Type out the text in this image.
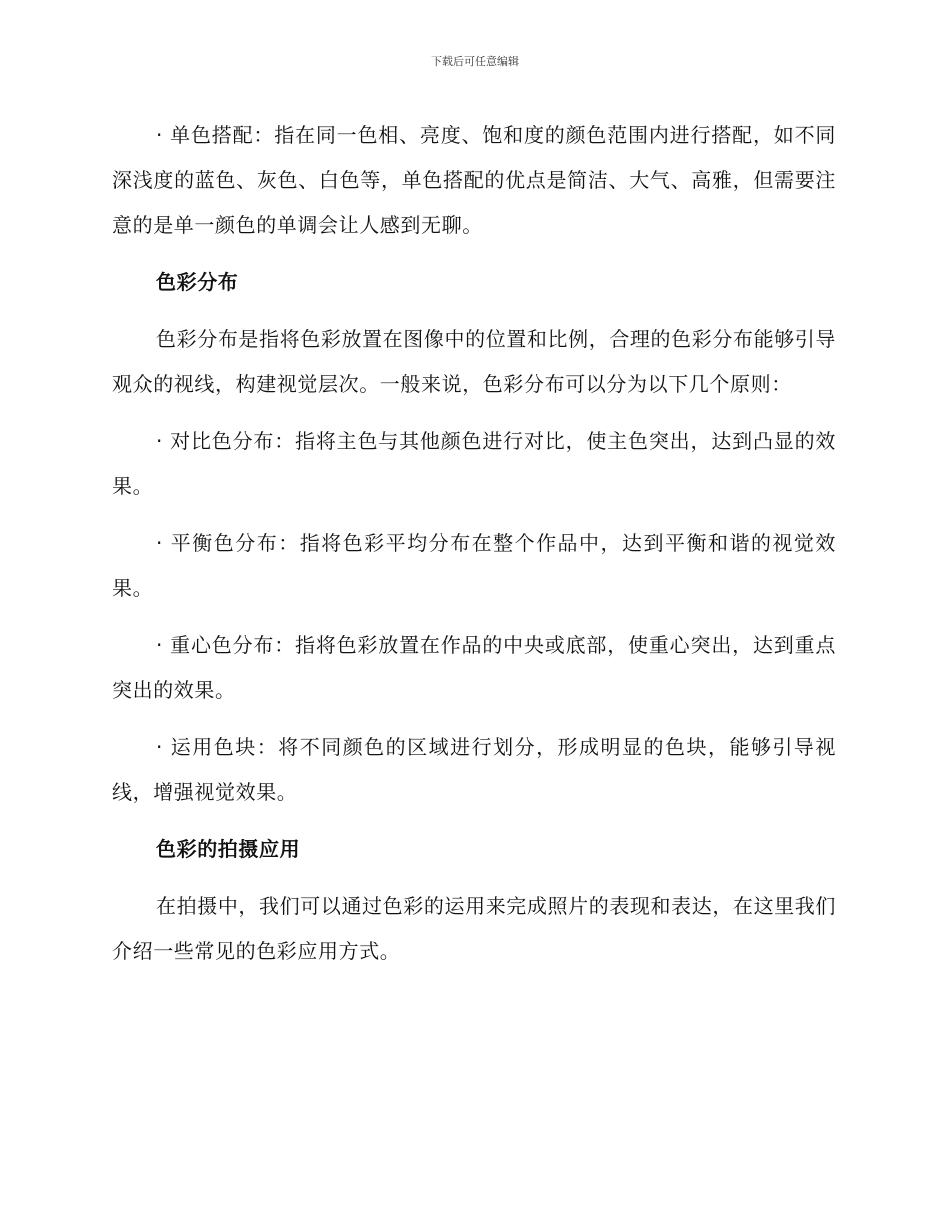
下载后可任意编辑

· 单色搭配：指在同一色相、亮度、饱和度的颜色范围内进行搭配，如不同深浅度的蓝色、灰色、白色等，单色搭配的优点是简洁、大气、高雅，但需要注意的是单一颜色的单调会让人感到无聊。

色彩分布

色彩分布是指将色彩放置在图像中的位置和比例，合理的色彩分布能够引导观众的视线，构建视觉层次。一般来说，色彩分布可以分为以下几个原则：

· 对比色分布：指将主色与其他颜色进行对比，使主色突出，达到凸显的效果。

· 平衡色分布：指将色彩平均分布在整个作品中，达到平衡和谐的视觉效果。

· 重心色分布：指将色彩放置在作品的中央或底部，使重心突出，达到重点突出的效果。

· 运用色块：将不同颜色的区域进行划分，形成明显的色块，能够引导视线，增强视觉效果。

色彩的拍摄应用

在拍摄中，我们可以通过色彩的运用来完成照片的表现和表达，在这里我们介绍一些常见的色彩应用方式。
